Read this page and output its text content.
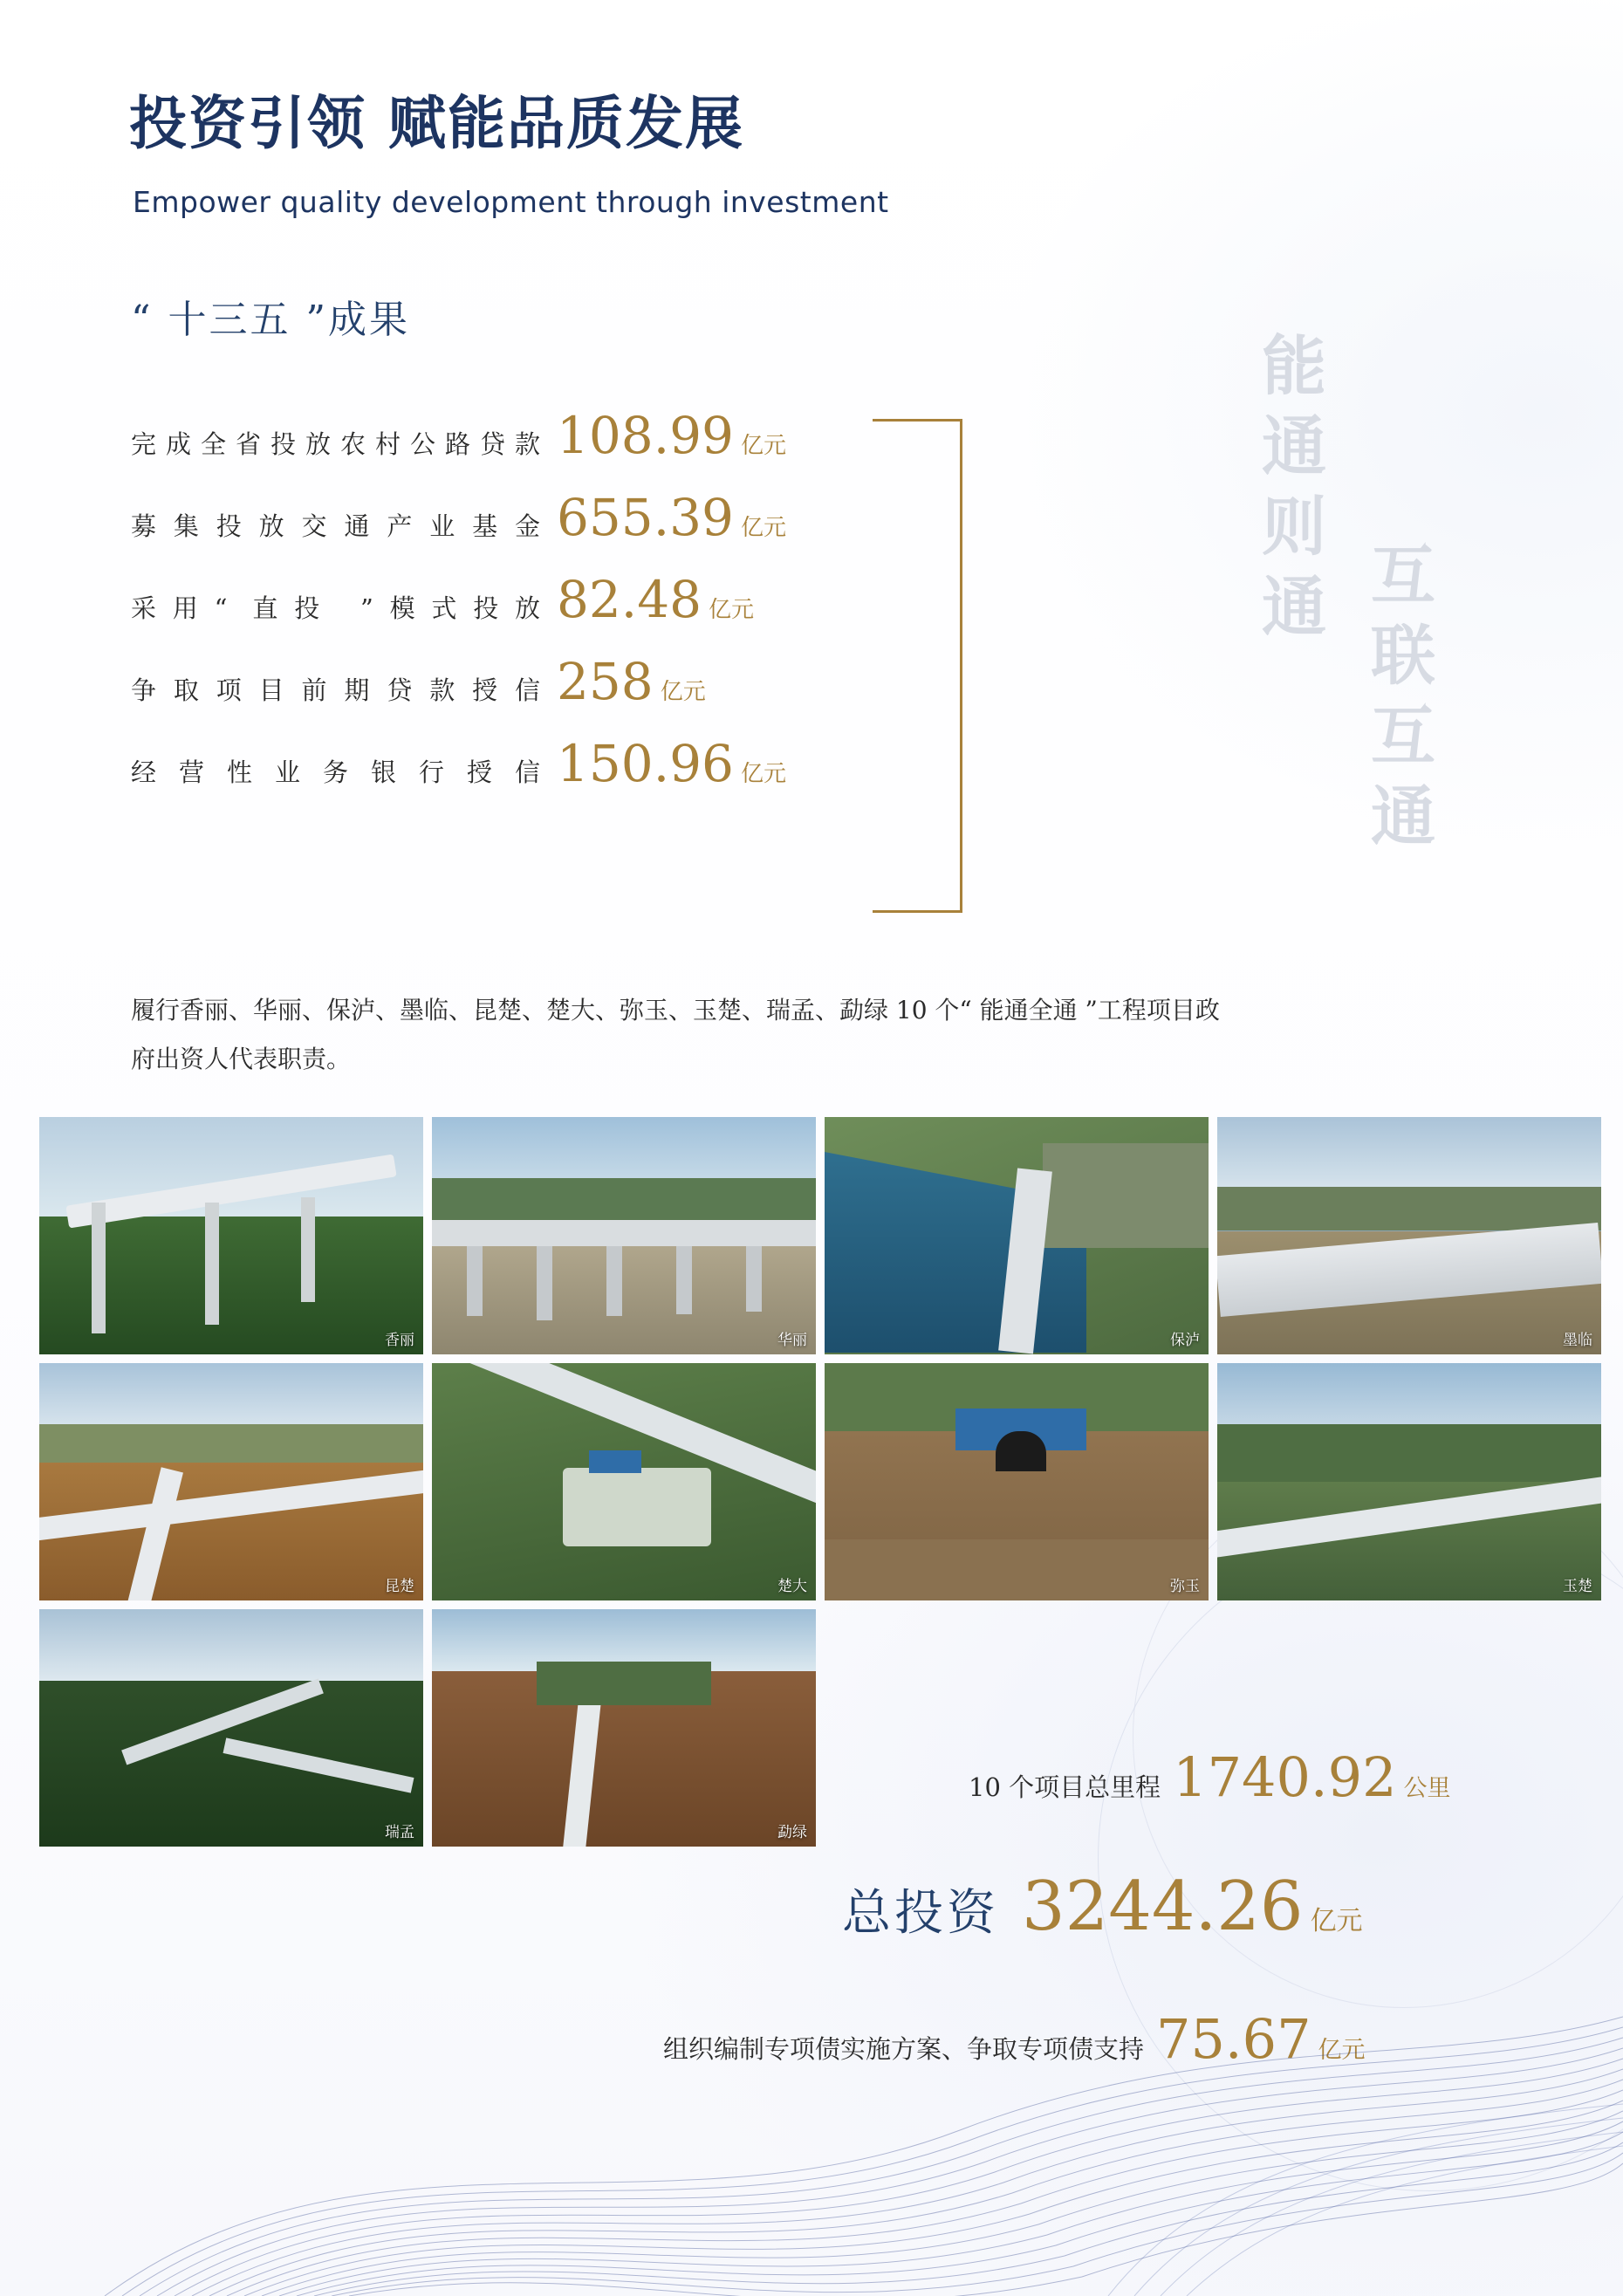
投资引领 赋能品质发展
Empower quality development through investment
“ 十三五 ”成果
能通则通
互联互通
完成全省投放农村公路贷款 108.99 亿元
募集投放交通产业基金 655.39 亿元
采用“ 直投 ”模式投放 82.48 亿元
争取项目前期贷款授信 258 亿元
经营性业务银行授信 150.96 亿元
履行香丽、华丽、保泸、墨临、昆楚、楚大、弥玉、玉楚、瑞孟、勐绿 10 个“ 能通全通 ”工程项目政府出资人代表职责。
香丽	华丽	保泸	墨临
昆楚	楚大	弥玉	玉楚
瑞孟	勐绿
10 个项目总里程 1740.92 公里
总投资 3244.26 亿元
组织编制专项债实施方案、争取专项债支持 75.67 亿元
